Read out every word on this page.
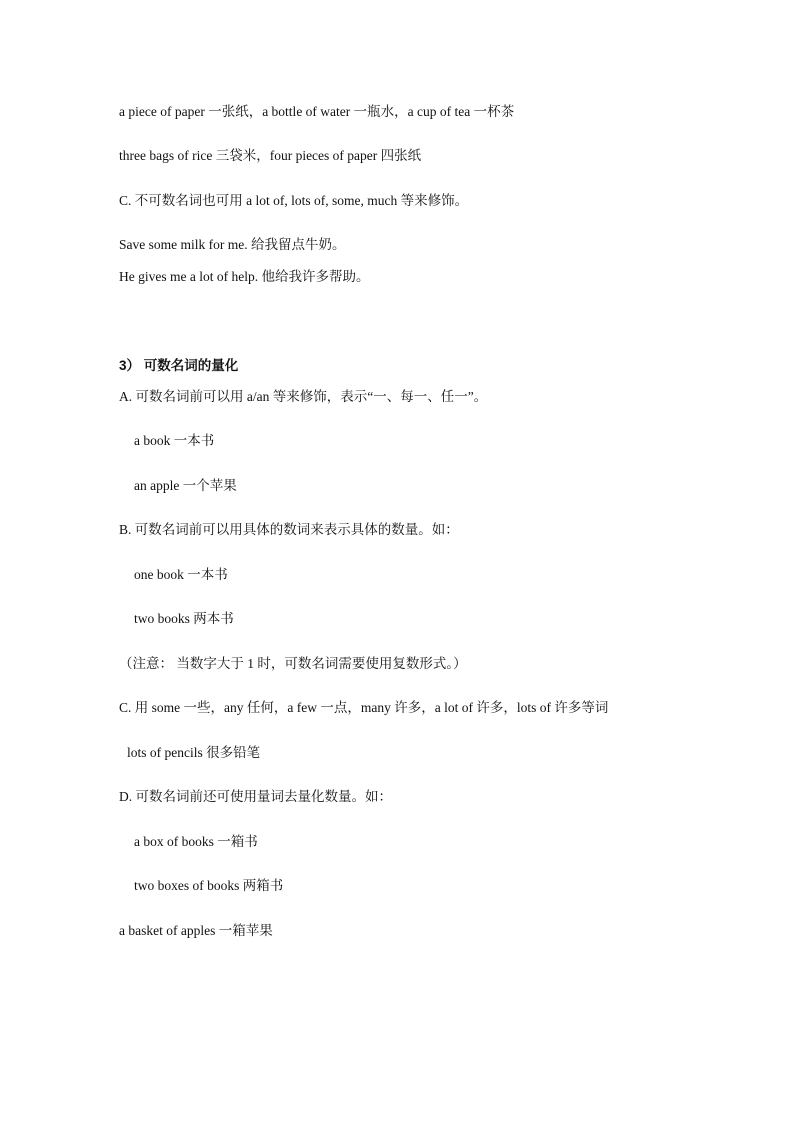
a piece of paper 一张纸，a bottle of water 一瓶水，a cup of tea 一杯茶
three bags of rice 三袋米，four pieces of paper 四张纸
C. 不可数名词也可用 a lot of, lots of, some, much 等来修饰。
Save some milk for me. 给我留点牛奶。
He gives me a lot of help. 他给我许多帮助。
3） 可数名词的量化
A. 可数名词前可以用 a/an 等来修饰，表示“一、每一、任一”。
a book 一本书
an apple 一个苹果
B. 可数名词前可以用具体的数词来表示具体的数量。如：
one book 一本书
two books 两本书
（注意： 当数字大于 1 时，可数名词需要使用复数形式。）
C. 用 some 一些，any 任何，a few 一点，many 许多，a lot of 许多，lots of 许多等词
lots of pencils 很多铅笔
D. 可数名词前还可使用量词去量化数量。如：
a box of books 一箱书
two boxes of books 两箱书
a basket of apples 一箱苹果
